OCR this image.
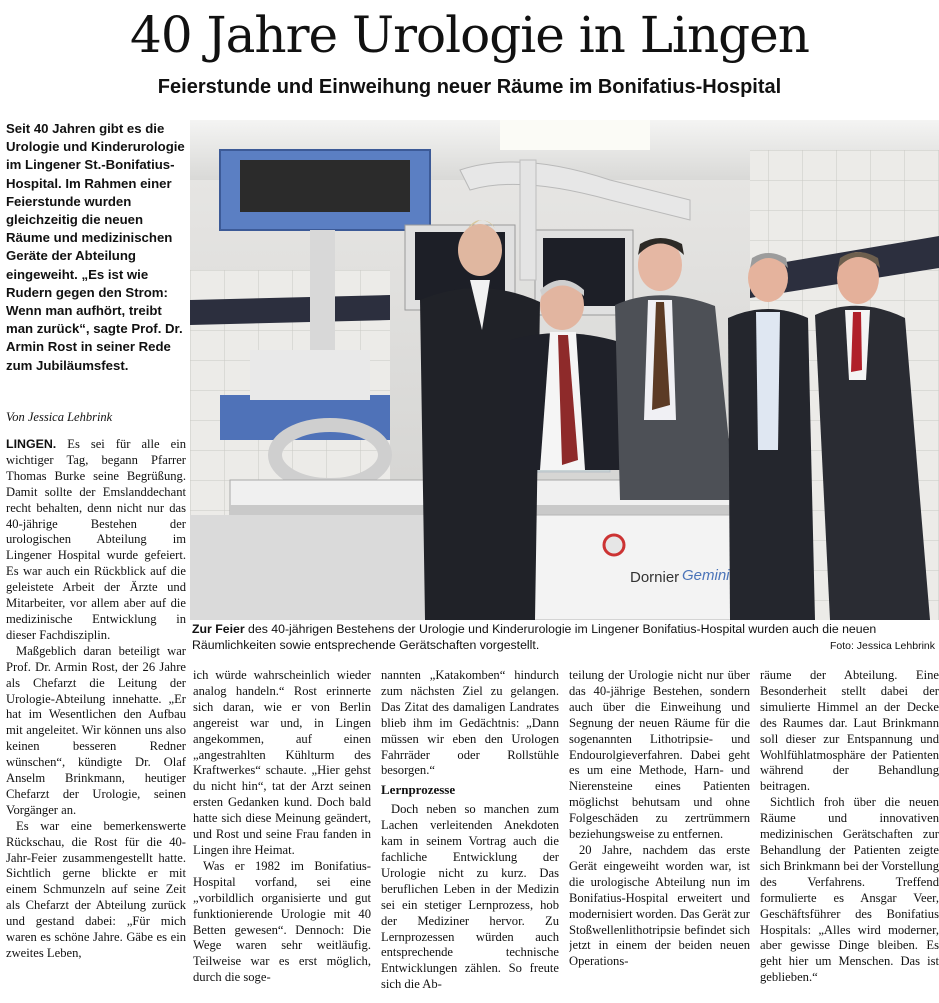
40 Jahre Urologie in Lingen
Feierstunde und Einweihung neuer Räume im Bonifatius-Hospital

Seit 40 Jahren gibt es die Urologie und Kinderurologie im Lingener St.-Bonifatius-Hospital. Im Rahmen einer Feierstunde wurden gleichzeitig die neuen Räume und medizinischen Geräte der Abteilung eingeweiht. „Es ist wie Rudern gegen den Strom: Wenn man aufhört, treibt man zurück“, sagte Prof. Dr. Armin Rost in seiner Rede zum Jubiläumsfest.

Von Jessica Lehbrink

LINGEN. Es sei für alle ein wichtiger Tag, begann Pfarrer Thomas Burke seine Begrüßung. Damit sollte der Emslanddechant recht behalten, denn nicht nur das 40-jährige Bestehen der urologischen Abteilung im Lingener Hospital wurde gefeiert. Es war auch ein Rückblick auf die geleistete Arbeit der Ärzte und Mitarbeiter, vor allem aber auf die medizinische Entwicklung in dieser Fachdisziplin.

Maßgeblich daran beteiligt war Prof. Dr. Armin Rost, der 26 Jahre als Chefarzt die Leitung der Urologie-Abteilung innehatte. „Er hat im Wesentlichen den Aufbau mit angeleitet. Wir können uns also keinen besseren Redner wünschen“, kündigte Dr. Olaf Anselm Brinkmann, heutiger Chefarzt der Urologie, seinen Vorgänger an.

Es war eine bemerkenswerte Rückschau, die Rost für die 40-Jahr-Feier zusammengestellt hatte. Sichtlich gerne blickte er mit einem Schmunzeln auf seine Zeit als Chefarzt der Abteilung zurück und gestand dabei: „Für mich waren es schöne Jahre. Gäbe es ein zweites Leben,

Dornier Gemini

Zur Feier des 40-jährigen Bestehens der Urologie und Kinderurologie im Lingener Bonifatius-Hospital wurden auch die neuen Räumlichkeiten sowie entsprechende Gerätschaften vorgestellt.	Foto: Jessica Lehbrink

ich würde wahrscheinlich wieder analog handeln.“ Rost erinnerte sich daran, wie er von Berlin angereist war und, in Lingen angekommen, auf einen „angestrahlten Kühlturm des Kraftwerkes“ schaute. „Hier gehst du nicht hin“, tat der Arzt seinen ersten Gedanken kund. Doch bald hatte sich diese Meinung geändert, und Rost und seine Frau fanden in Lingen ihre Heimat.

Was er 1982 im Bonifatius-Hospital vorfand, sei eine „vorbildlich organisierte und gut funktionierende Urologie mit 40 Betten gewesen“. Dennoch: Die Wege waren sehr weitläufig. Teilweise war es erst möglich, durch die soge-

nannten „Katakomben“ hindurch zum nächsten Ziel zu gelangen. Das Zitat des damaligen Landrates blieb ihm im Gedächtnis: „Dann müssen wir eben den Urologen Fahrräder oder Rollstühle besorgen.“

Lernprozesse

Doch neben so manchen zum Lachen verleitenden Anekdoten kam in seinem Vortrag auch die fachliche Entwicklung der Urologie nicht zu kurz. Das beruflichen Leben in der Medizin sei ein stetiger Lernprozess, hob der Mediziner hervor. Zu Lernprozessen würden auch entsprechende technische Entwicklungen zählen. So freute sich die Ab-

teilung der Urologie nicht nur über das 40-jährige Bestehen, sondern auch über die Einweihung und Segnung der neuen Räume für die sogenannten Lithotripsie- und Endourolgieverfahren. Dabei geht es um eine Methode, Harn- und Nierensteine eines Patienten möglichst behutsam und ohne Folgeschäden zu zertrümmern beziehungsweise zu entfernen.

20 Jahre, nachdem das erste Gerät eingeweiht worden war, ist die urologische Abteilung nun im Bonifatius-Hospital erweitert und modernisiert worden. Das Gerät zur Stoßwellenlithotripsie befindet sich jetzt in einem der beiden neuen Operations-

räume der Abteilung. Eine Besonderheit stellt dabei der simulierte Himmel an der Decke des Raumes dar. Laut Brinkmann soll dieser zur Entspannung und Wohlfühlatmosphäre der Patienten während der Behandlung beitragen.

Sichtlich froh über die neuen Räume und innovativen medizinischen Gerätschaften zur Behandlung der Patienten zeigte sich Brinkmann bei der Vorstellung des Verfahrens. Treffend formulierte es Ansgar Veer, Geschäftsführer des Bonifatius Hospitals: „Alles wird moderner, aber gewisse Dinge bleiben. Es geht hier um Menschen. Das ist geblieben.“
